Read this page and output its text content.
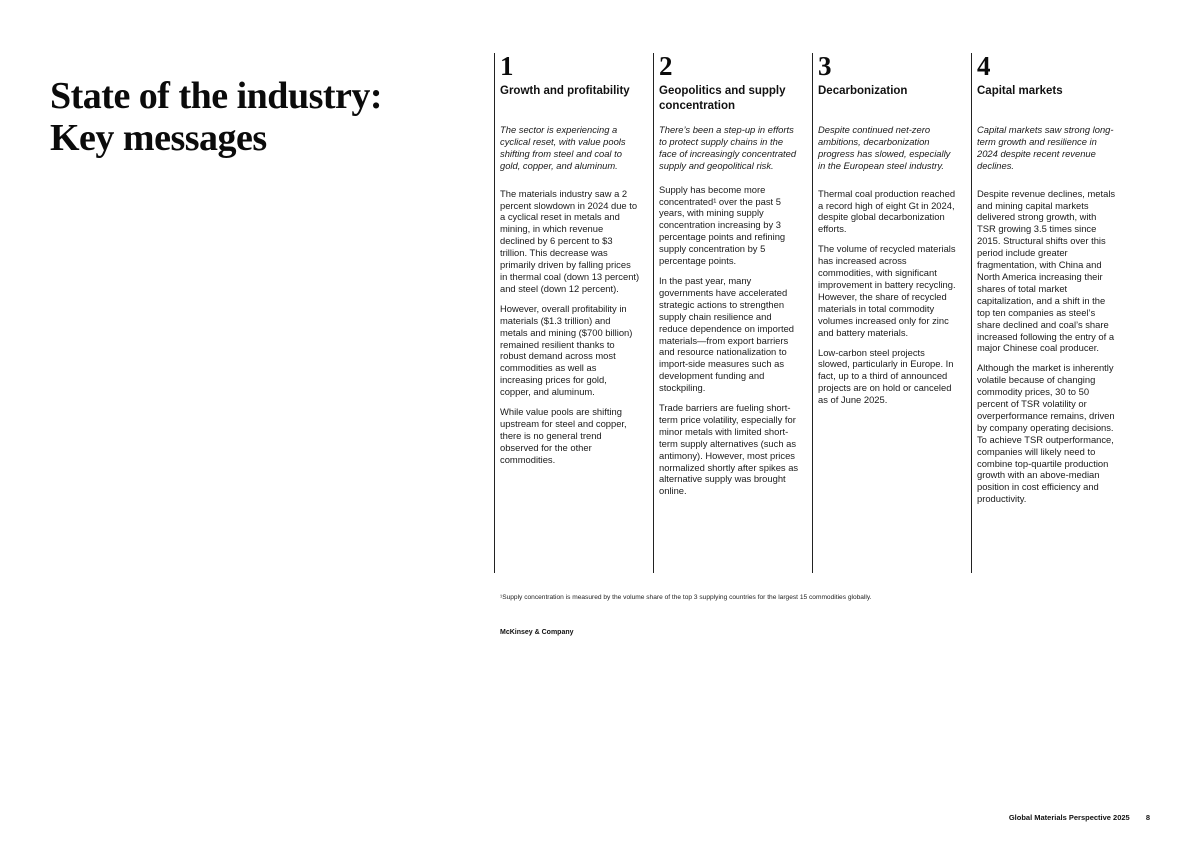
State of the industry:
Key messages
1
Growth and profitability

The sector is experiencing a cyclical reset, with value pools shifting from steel and coal to gold, copper, and aluminum.

The materials industry saw a 2 percent slowdown in 2024 due to a cyclical reset in metals and mining, in which revenue declined by 6 percent to $3 trillion. This decrease was primarily driven by falling prices in thermal coal (down 13 percent) and steel (down 12 percent).

However, overall profitability in materials ($1.3 trillion) and metals and mining ($700 billion) remained resilient thanks to robust demand across most commodities as well as increasing prices for gold, copper, and aluminum.

While value pools are shifting upstream for steel and copper, there is no general trend observed for the other commodities.

2
Geopolitics and supply concentration

There’s been a step-up in efforts to protect supply chains in the face of increasingly concentrated supply and geopolitical risk.

Supply has become more concentrated¹ over the past 5 years, with mining supply concentration increasing by 3 percentage points and refining supply concentration by 5 percentage points.

In the past year, many governments have accelerated strategic actions to strengthen supply chain resilience and reduce dependence on imported materials—from export barriers and resource nationalization to import-side measures such as development funding and stockpiling.

Trade barriers are fueling short-term price volatility, especially for minor metals with limited short-term supply alternatives (such as antimony). However, most prices normalized shortly after spikes as alternative supply was brought online.

3
Decarbonization

Despite continued net-zero ambitions, decarbonization progress has slowed, especially in the European steel industry.

Thermal coal production reached a record high of eight Gt in 2024, despite global decarbonization efforts.

The volume of recycled materials has increased across commodities, with significant improvement in battery recycling. However, the share of recycled materials in total commodity volumes increased only for zinc and battery materials.

Low-carbon steel projects slowed, particularly in Europe. In fact, up to a third of announced projects are on hold or canceled as of June 2025.

4
Capital markets

Capital markets saw strong long-term growth and resilience in 2024 despite recent revenue declines.

Despite revenue declines, metals and mining capital markets delivered strong growth, with TSR growing 3.5 times since 2015. Structural shifts over this period include greater fragmentation, with China and North America increasing their shares of total market capitalization, and a shift in the top ten companies as steel’s share declined and coal’s share increased following the entry of a major Chinese coal producer.

Although the market is inherently volatile because of changing commodity prices, 30 to 50 percent of TSR volatility or overperformance remains, driven by company operating decisions. To achieve TSR outperformance, companies will likely need to combine top-quartile production growth with an above-median position in cost efficiency and productivity.

¹Supply concentration is measured by the volume share of the top 3 supplying countries for the largest 15 commodities globally.
McKinsey & Company
Global Materials Perspective 2025 8
